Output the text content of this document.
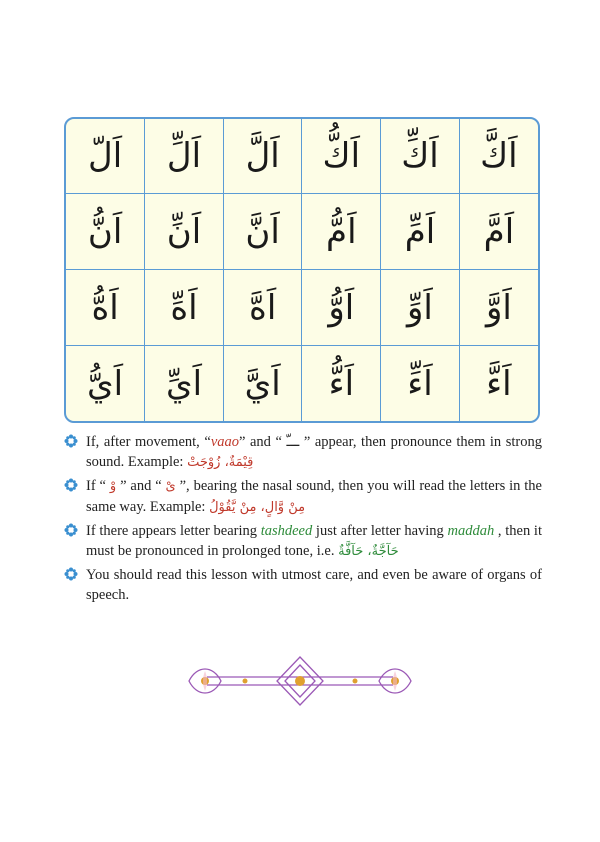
اَلّ	اَلِّ	اَلَّ	اَكُّ	اَكِّ	اَكَّ
اَنُّ	اَنِّ	اَنَّ	اَمُّ	اَمِّ	اَمَّ
اَهُّ	اَهِّ	اَهَّ	اَوُّ	اَوِّ	اَوَّ
اَيُّ	اَيِّ	اَيَّ	اَءُّ	اَءِّ	اَءَّ
If, after movement, “vaao” and “ ـــّ ” appear, then pronounce them in strong sound. Example: قِيْمَةٌ، زُوْجَتْ
If “ وْ ” and “ یْ ”, bearing the nasal sound, then you will read the letters in the same way. Example: مِنْ وَّالٍ، مِنْ يَّقُوْلُ
If there appears letter bearing tashdeed just after letter having maddah , then it must be pronounced in prolonged tone, i.e. حَآجَّةٌ، حَآفَّةٌ
You should read this lesson with utmost care, and even be aware of organs of speech.
